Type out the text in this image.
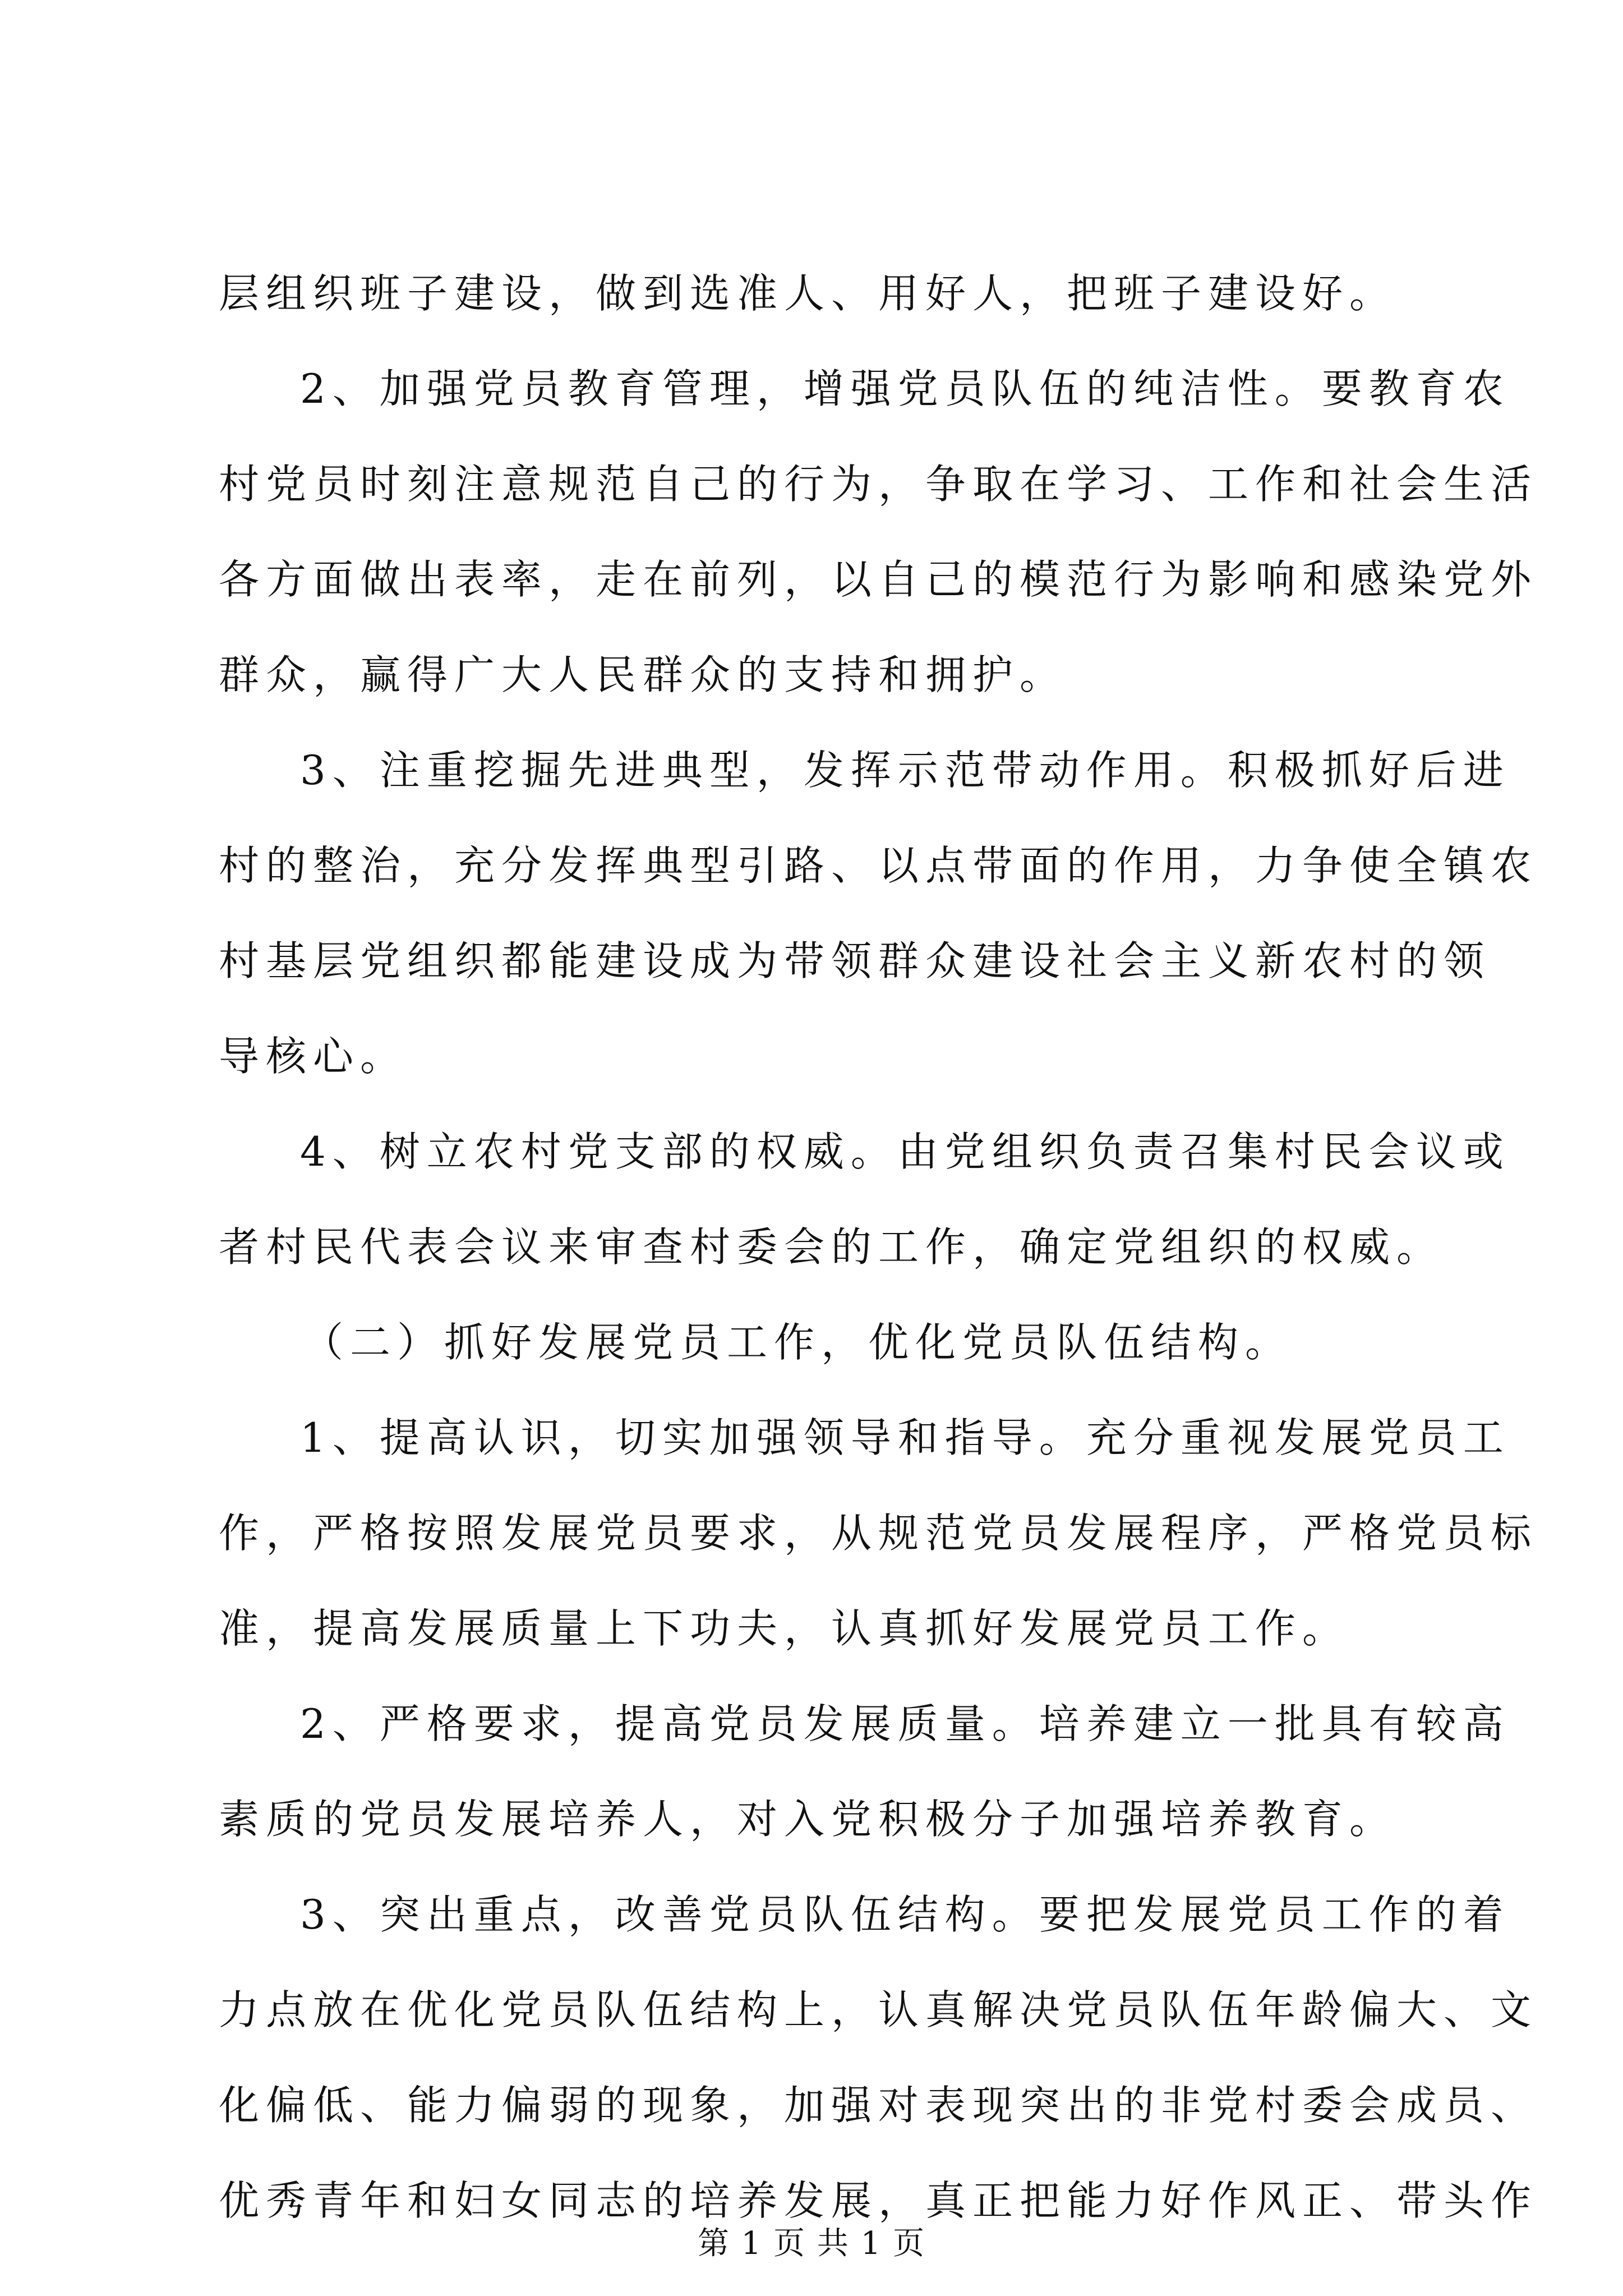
层组织班子建设，做到选准人、用好人，把班子建设好。
2、加强党员教育管理，增强党员队伍的纯洁性。要教育农
村党员时刻注意规范自己的行为，争取在学习、工作和社会生活
各方面做出表率，走在前列，以自己的模范行为影响和感染党外
群众，赢得广大人民群众的支持和拥护。
3、注重挖掘先进典型，发挥示范带动作用。积极抓好后进
村的整治，充分发挥典型引路、以点带面的作用，力争使全镇农
村基层党组织都能建设成为带领群众建设社会主义新农村的领
导核心。
4、树立农村党支部的权威。由党组织负责召集村民会议或
者村民代表会议来审查村委会的工作，确定党组织的权威。
（二）抓好发展党员工作，优化党员队伍结构。
1、提高认识，切实加强领导和指导。充分重视发展党员工
作，严格按照发展党员要求，从规范党员发展程序，严格党员标
准，提高发展质量上下功夫，认真抓好发展党员工作。
2、严格要求，提高党员发展质量。培养建立一批具有较高
素质的党员发展培养人，对入党积极分子加强培养教育。
3、突出重点，改善党员队伍结构。要把发展党员工作的着
力点放在优化党员队伍结构上，认真解决党员队伍年龄偏大、文
化偏低、能力偏弱的现象，加强对表现突出的非党村委会成员、
优秀青年和妇女同志的培养发展，真正把能力好作风正、带头作
第 1 页 共 1 页
